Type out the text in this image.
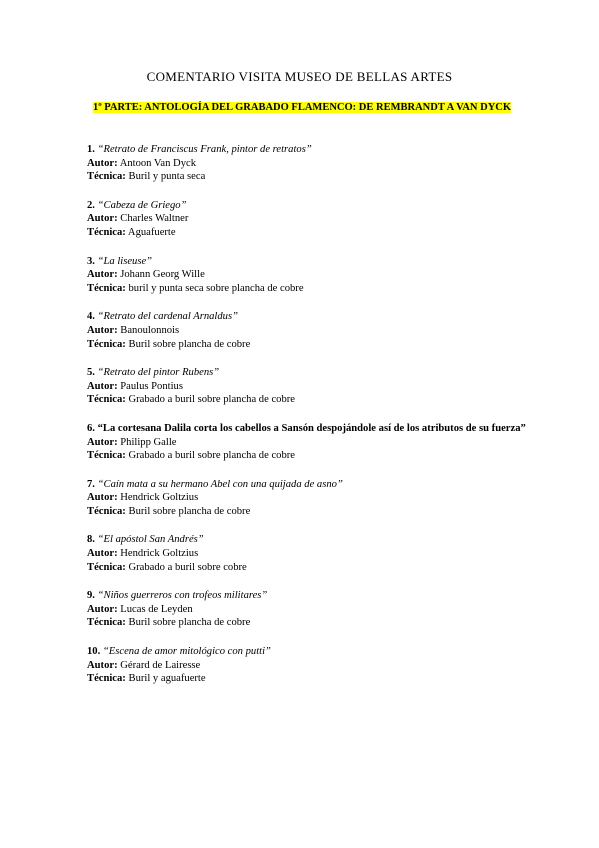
COMENTARIO VISITA MUSEO DE BELLAS ARTES
1º PARTE: ANTOLOGÍA DEL GRABADO FLAMENCO: DE REMBRANDT A VAN DYCK
1. “Retrato de Franciscus Frank, pintor de retratos”
Autor: Antoon Van Dyck
Técnica: Buril y punta seca
2. “Cabeza de Griego”
Autor: Charles Waltner
Técnica: Aguafuerte
3. “La liseuse”
Autor: Johann Georg Wille
Técnica: buril y punta seca sobre plancha de cobre
4. “Retrato del cardenal Arnaldus”
Autor: Banoulonnois
Técnica: Buril sobre plancha de cobre
5. “Retrato del pintor Rubens”
Autor: Paulus Pontius
Técnica: Grabado a buril sobre plancha de cobre
6. “La cortesana Dalila corta los cabellos a Sansón despojándole así de los atributos de su fuerza”
Autor: Philipp Galle
Técnica: Grabado a buril sobre plancha de cobre
7. “Caín mata a su hermano Abel con una quijada de asno”
Autor: Hendrick Goltzius
Técnica: Buril sobre plancha de cobre
8. “El apóstol San Andrés”
Autor: Hendrick Goltzius
Técnica: Grabado a buril sobre cobre
9. “Niños guerreros con trofeos militares”
Autor: Lucas de Leyden
Técnica: Buril sobre plancha de cobre
10. “Escena de amor mitológico con putti”
Autor: Gérard de Lairesse
Técnica: Buril y aguafuerte
